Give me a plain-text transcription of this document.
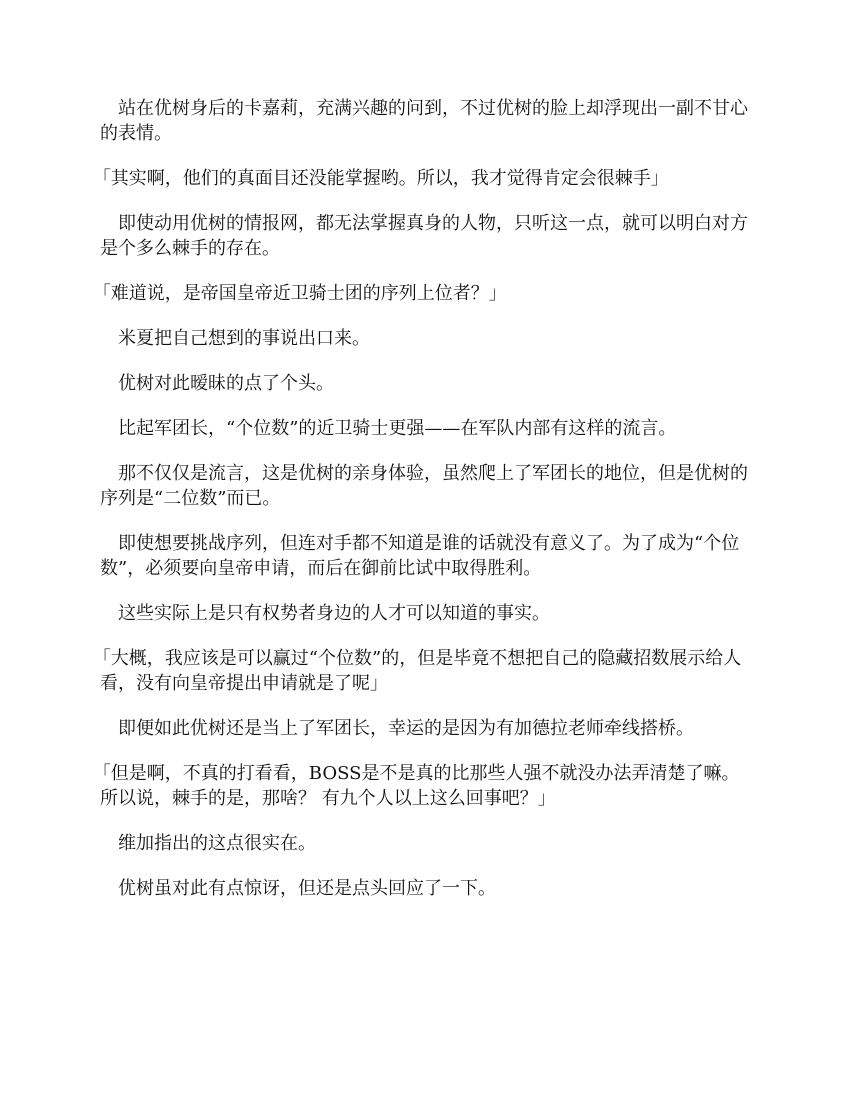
站在优树身后的卡嘉莉，充满兴趣的问到，不过优树的脸上却浮现出一副不甘心的表情。

「其实啊，他们的真面目还没能掌握哟。所以，我才觉得肯定会很棘手」

即使动用优树的情报网，都无法掌握真身的人物，只听这一点，就可以明白对方是个多么棘手的存在。

「难道说，是帝国皇帝近卫骑士团的序列上位者？」

米夏把自己想到的事说出口来。

优树对此暧昧的点了个头。

比起军团长，“个位数”的近卫骑士更强——在军队内部有这样的流言。

那不仅仅是流言，这是优树的亲身体验，虽然爬上了军团长的地位，但是优树的序列是“二位数”而已。

即使想要挑战序列，但连对手都不知道是谁的话就没有意义了。为了成为“个位数”，必须要向皇帝申请，而后在御前比试中取得胜利。

这些实际上是只有权势者身边的人才可以知道的事实。

「大概，我应该是可以赢过“个位数”的，但是毕竟不想把自己的隐藏招数展示给人看，没有向皇帝提出申请就是了呢」

即便如此优树还是当上了军团长，幸运的是因为有加德拉老师牵线搭桥。

「但是啊，不真的打看看，BOSS是不是真的比那些人强不就没办法弄清楚了嘛。所以说，棘手的是，那啥？ 有九个人以上这么回事吧？」

维加指出的这点很实在。

优树虽对此有点惊讶，但还是点头回应了一下。
